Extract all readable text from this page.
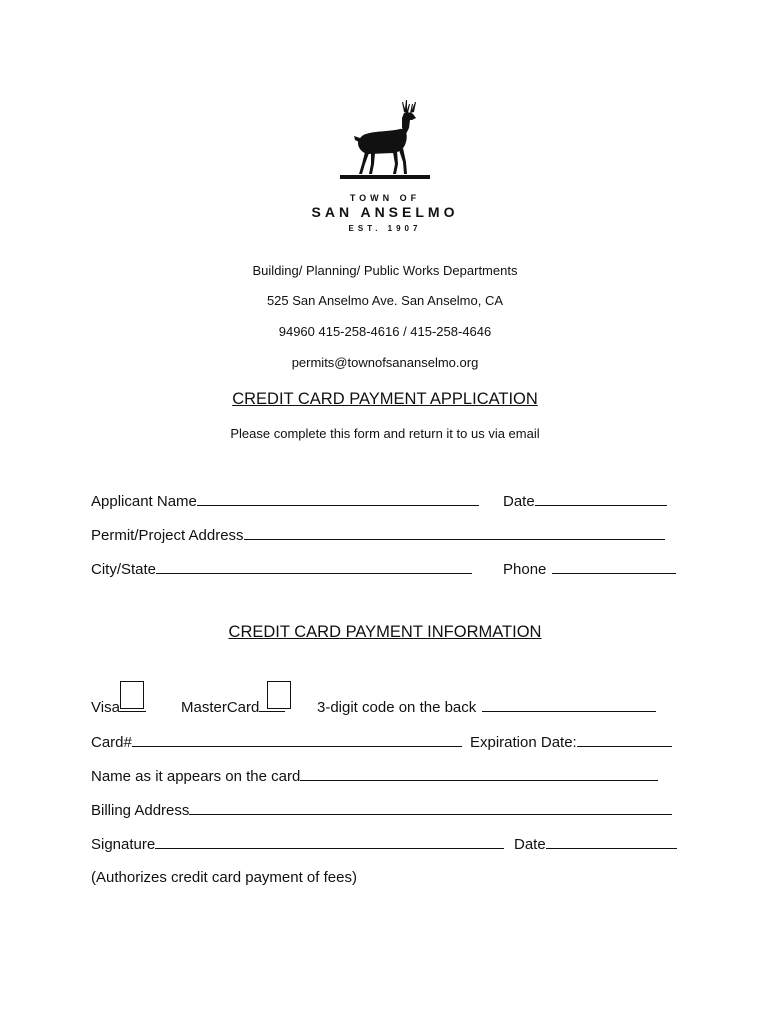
TOWN OF
SAN ANSELMO
EST. 1907
Building/ Planning/ Public Works Departments
525 San Anselmo Ave. San Anselmo, CA
94960 415-258-4616 / 415-258-4646
permits@townofsananselmo.org
CREDIT CARD PAYMENT APPLICATION
Please complete this form and return it to us via email
Applicant Name	Date
Permit/Project Address
City/State	Phone
CREDIT CARD PAYMENT INFORMATION
Visa	MasterCard	3-digit code on the back
Card#	Expiration Date:
Name as it appears on the card
Billing Address
Signature	Date
(Authorizes credit card payment of fees)
